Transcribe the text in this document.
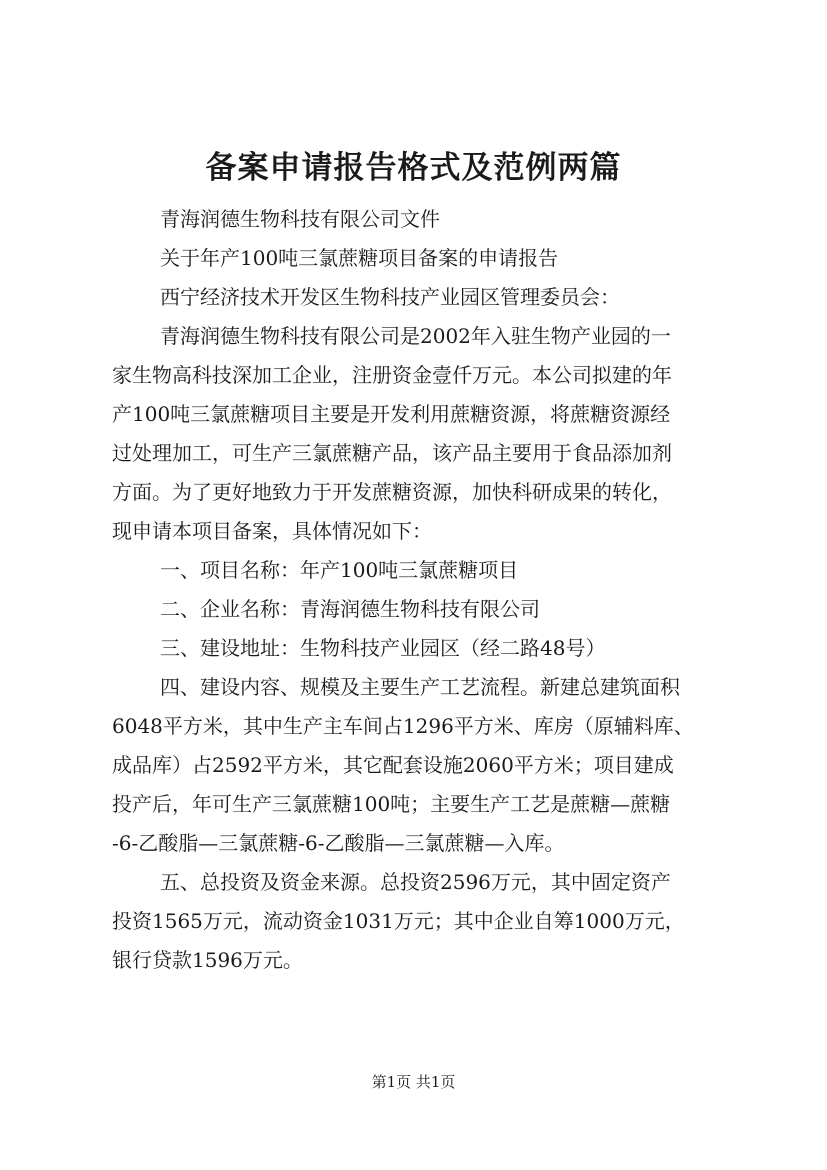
备案申请报告格式及范例两篇
青海润德生物科技有限公司文件
关于年产100吨三氯蔗糖项目备案的申请报告
西宁经济技术开发区生物科技产业园区管理委员会：
青海润德生物科技有限公司是2002年入驻生物产业园的一
家生物高科技深加工企业，注册资金壹仟万元。本公司拟建的年
产100吨三氯蔗糖项目主要是开发利用蔗糖资源，将蔗糖资源经
过处理加工，可生产三氯蔗糖产品，该产品主要用于食品添加剂
方面。为了更好地致力于开发蔗糖资源，加快科研成果的转化，
现申请本项目备案，具体情况如下：
一、项目名称：年产100吨三氯蔗糖项目
二、企业名称：青海润德生物科技有限公司
三、建设地址：生物科技产业园区（经二路48号）
四、建设内容、规模及主要生产工艺流程。新建总建筑面积
6048平方米，其中生产主车间占1296平方米、库房（原辅料库、
成品库）占2592平方米，其它配套设施2060平方米；项目建成
投产后，年可生产三氯蔗糖100吨；主要生产工艺是蔗糖—蔗糖
-6-乙酸脂—三氯蔗糖-6-乙酸脂—三氯蔗糖—入库。
五、总投资及资金来源。总投资2596万元，其中固定资产
投资1565万元，流动资金1031万元；其中企业自筹1000万元，
银行贷款1596万元。
第1页 共1页
